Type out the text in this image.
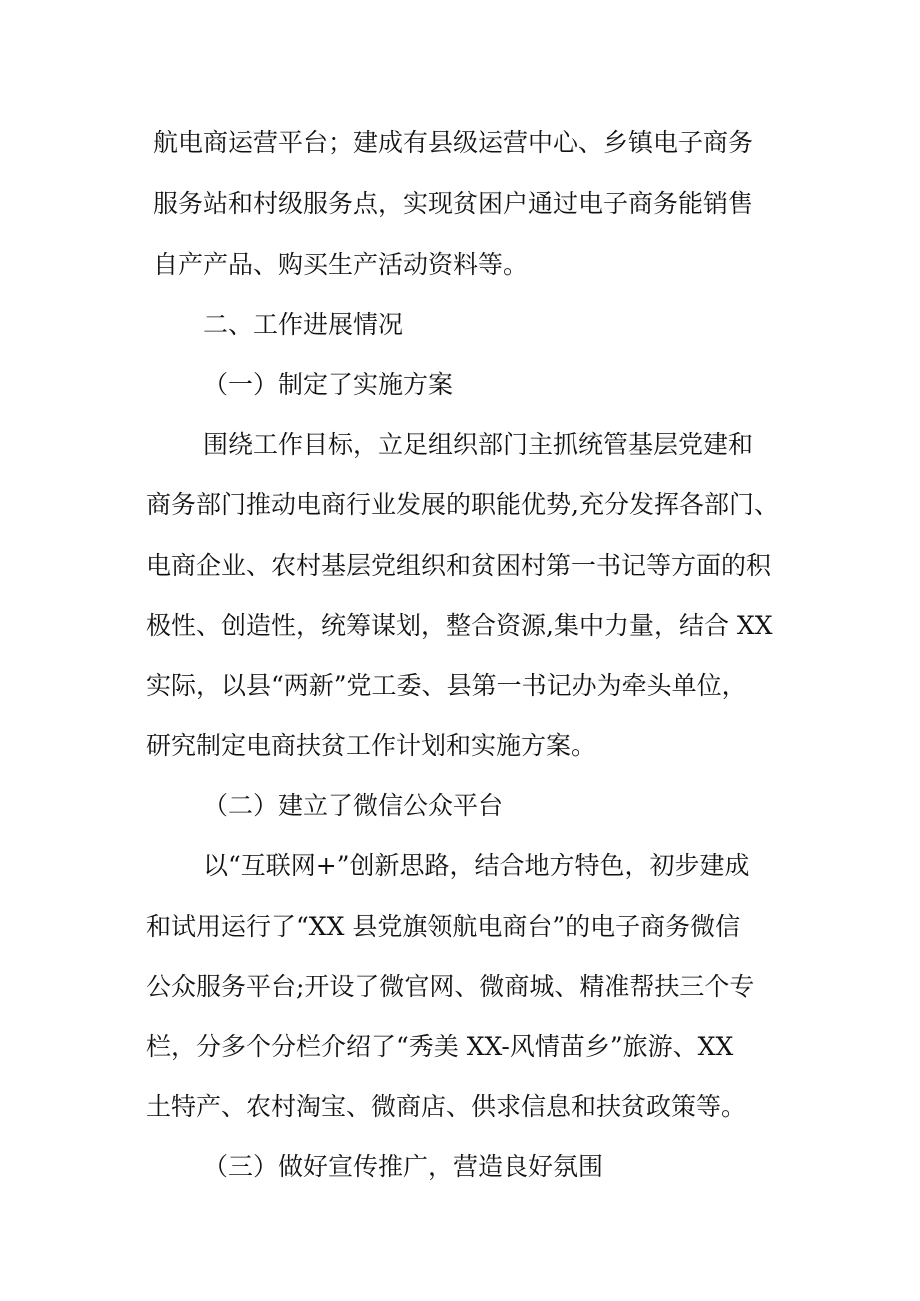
航电商运营平台；建成有县级运营中心、乡镇电子商务
服务站和村级服务点，实现贫困户通过电子商务能销售
自产产品、购买生产活动资料等。
二、工作进展情况
（一）制定了实施方案
围绕工作目标，立足组织部门主抓统管基层党建和
商务部门推动电商行业发展的职能优势,充分发挥各部门、
电商企业、农村基层党组织和贫困村第一书记等方面的积
极性、创造性，统筹谋划，整合资源,集中力量，结合 XX
实际，以县“两新”党工委、县第一书记办为牵头单位，
研究制定电商扶贫工作计划和实施方案。
（二）建立了微信公众平台
以“互联网+”创新思路，结合地方特色，初步建成
和试用运行了“XX 县党旗领航电商台”的电子商务微信
公众服务平台;开设了微官网、微商城、精准帮扶三个专
栏，分多个分栏介绍了“秀美 XX-风情苗乡”旅游、XX
土特产、农村淘宝、微商店、供求信息和扶贫政策等。
（三）做好宣传推广，营造良好氛围
